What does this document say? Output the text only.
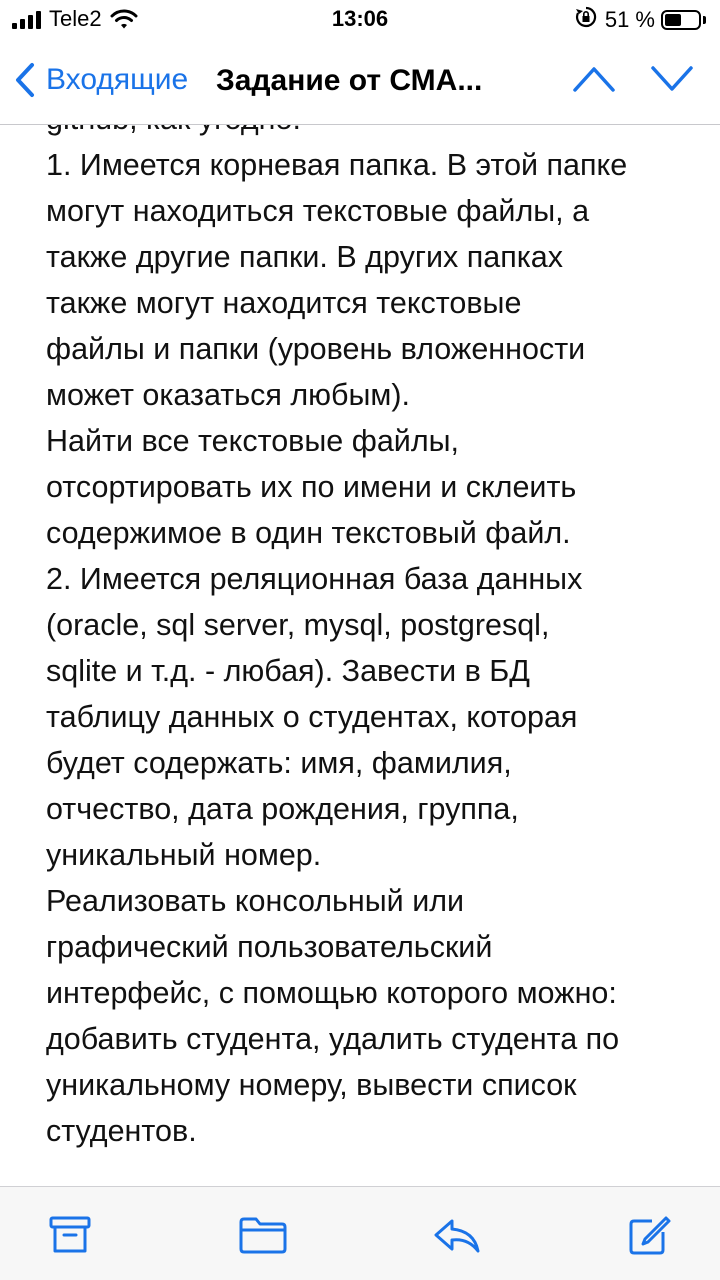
Tele2	13:06	51 %
Входящие Задание от СМА...

1. Имеется корневая папка. В этой папке

могут находиться текстовые файлы, а

также другие папки. В других папках

также могут находится текстовые

файлы и папки (уровень вложенности

может оказаться любым).

Найти все текстовые файлы,

отсортировать их по имени и склеить

содержимое в один текстовый файл.

2. Имеется реляционная база данных

(oracle, sql server, mysql, postgresql,

sqlite и т.д. - любая). Завести в БД

таблицу данных о студентах, которая

будет содержать: имя, фамилия,

отчество, дата рождения, группа,

уникальный номер.

Реализовать консольный или

графический пользовательский

интерфейс, с помощью которого можно:

добавить студента, удалить студента по

уникальному номеру, вывести список

студентов.
